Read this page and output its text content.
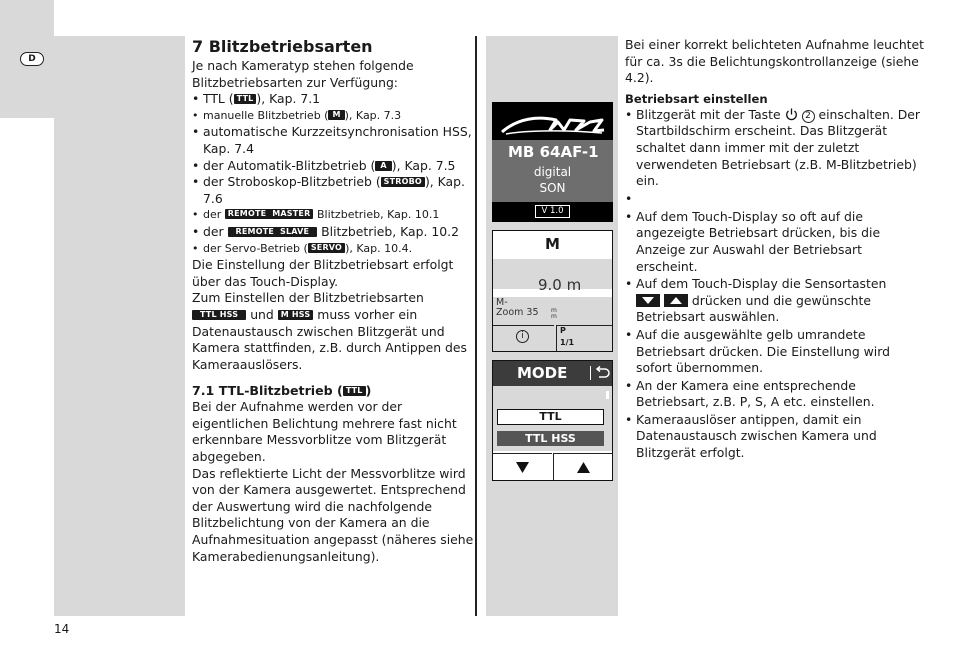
D
7 Blitzbetriebsarten

Je nach Kameratyp stehen folgende Blitzbetriebsarten zur Verfügung:

• TTL ( TTL ), Kap. 7.1
• manuelle Blitzbetrieb ( M ), Kap. 7.3
• automatische Kurzzeitsynchronisation HSS, Kap. 7.4
• der Automatik-Blitzbetrieb ( A ), Kap. 7.5
• der Stroboskop-Blitzbetrieb ( STROBO ), Kap. 7.6
• der REMOTE  MASTER Blitzbetrieb, Kap. 10.1
• der REMOTE  SLAVE Blitzbetrieb, Kap. 10.2
• der Servo-Betrieb ( SERVO ), Kap. 10.4.

Die Einstellung der Blitzbetriebsart erfolgt über das Touch-Display.

Zum Einstellen der Blitzbetriebsarten
TTL HSS und M HSS muss vorher ein Datenaustausch zwischen Blitzgerät und Kamera stattfinden, z.B. durch Antippen des Kameraauslösers.

7.1 TTL-Blitzbetrieb ( TTL )

Bei der Aufnahme werden vor der eigentlichen Belichtung mehrere fast nicht erkennbare Messvorblitze vom Blitzgerät abgegeben.

Das reflektierte Licht der Messvorblitze wird von der Kamera ausgewertet. Entsprechend der Auswertung wird die nachfolgende Blitzbelichtung von der Kamera an die Aufnahmesituation angepasst (näheres siehe Kamerabedienungsanleitung).

MB 64AF-1
digital
SON
V 1.0
M
9.0 m
M-
Zoom 35 m m
i
P
1/1
MODE
TTL
TTL HSS

Bei einer korrekt belichteten Aufnahme leuchtet für ca. 3s die Belichtungskontrollanzeige (siehe 4.2).

Betriebsart einstellen
• Blitzgerät mit der Taste	2 einschalten. Der Startbildschirm erscheint. Das Blitzgerät schaltet dann immer mit der zuletzt verwendeten Betriebsart (z.B. M-Blitzbetrieb) ein.
•
• Auf dem Touch-Display so oft auf die angezeigte Betriebsart drücken, bis die Anzeige zur Auswahl der Betriebsart erscheint.
• Auf dem Touch-Display die Sensortasten

drücken und die gewünschte Betriebsart auswählen.
• Auf die ausgewählte gelb umrandete Betriebsart drücken. Die Einstellung wird sofort übernommen.
• An der Kamera eine entsprechende Betriebsart, z.B. P, S, A etc. einstellen.
• Kameraauslöser antippen, damit ein Datenaustausch zwischen Kamera und Blitzgerät erfolgt.
14
